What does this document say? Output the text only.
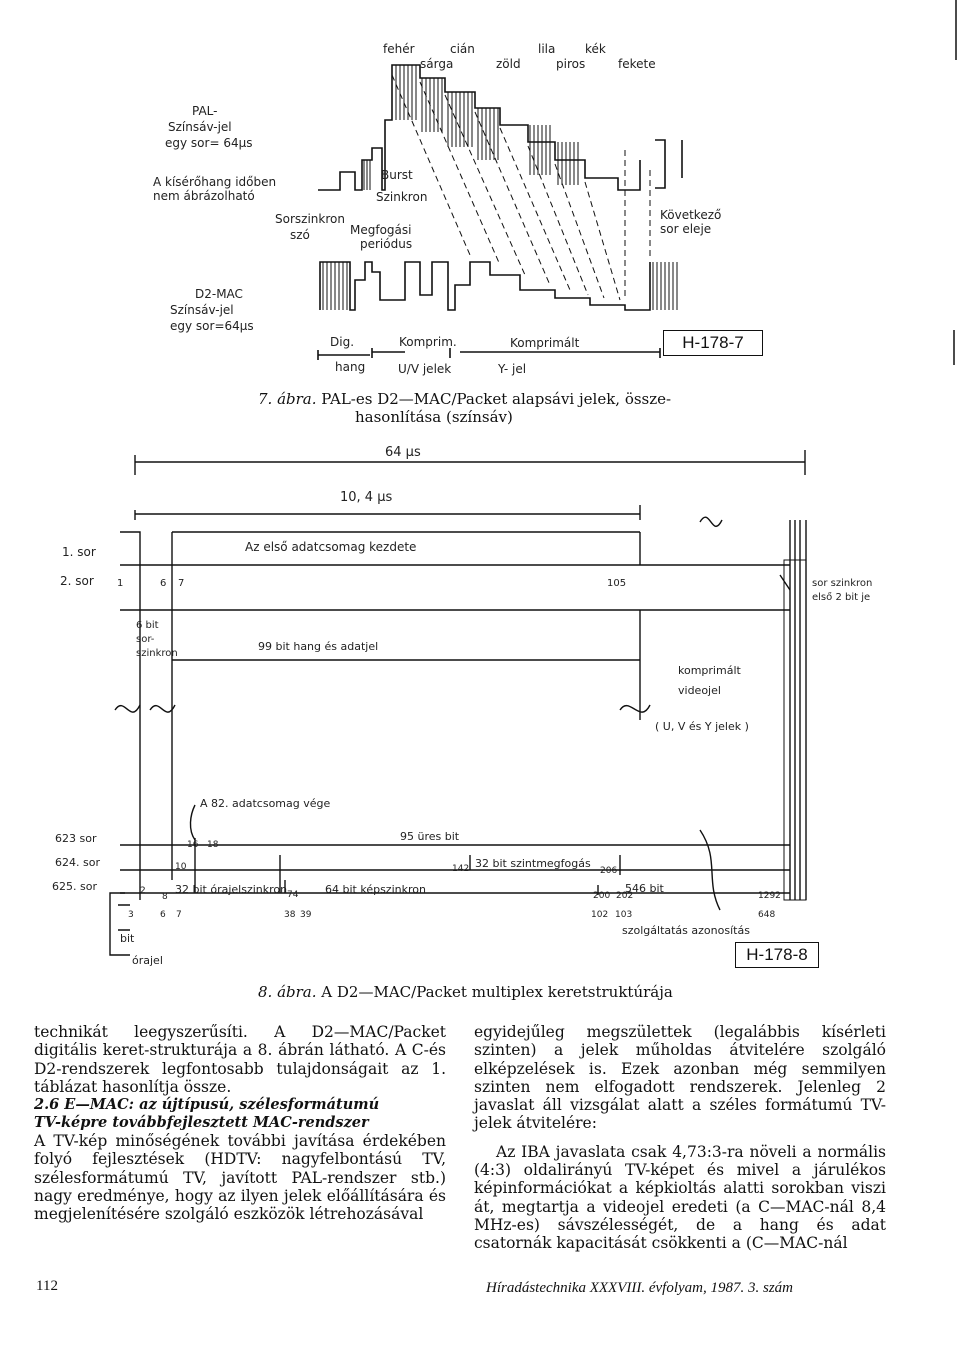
fehér	cián	lila kék
sárga	zöld	piros	fekete
PAL-
Színsáv-jel
egy sor= 64μs
A kísérőhang időben
nem ábrázolható
Burst
Szinkron
Sorszinkron
szó	Megfogási
periódus
Következő
sor eleje
D2-MAC
Színsáv-jel
egy sor=64μs
Dig.
hang
Komprim.
U/V jelek
Komprimált
Y- jel
H-178-7
7. ábra. PAL-es D2—MAC/Packet alapsávi jelek, össze-
hasonlítása (színsáv)
64 μs
10, 4 μs
1. sor
2. sor
Az első adatcsomag kezdete
1	6 7	105	sor szinkron
első 2 bit je
6 bit
sor-
szinkron
99 bit hang és adatjel
komprimált
videojel
( U, V és Y jelek )
A 82. adatcsomag vége
623 sor
624. sor
625. sor
16 18
95 üres bit
10	142 32 bit szintmegfogás
206
2
8
32 bit órajelszinkron 74 64 bit képszinkron	200 202
546 bit
1292
3	6 7	38 39	102 103	648
szolgáltatás azonosítás
bit
órajel	H-178-8
8. ábra. A D2—MAC/Packet multiplex keretstruktúrája

technikát leegyszerűsíti. A D2—MAC/Packet digitális keret-strukturája a 8. ábrán látható. A C-és D2-rendszerek legfontosabb tulajdonságait az 1. táblázat hasonlítja össze.

2.6 E—MAC: az újtípusú, szélesformátumú

TV-képre továbbfejlesztett MAC-rendszer

A TV-kép minőségének további javítása érdekében folyó fejlesztések (HDTV: nagyfelbontású TV, szélesformátumú TV, javított PAL-rendszer stb.) nagy eredménye, hogy az ilyen jelek előállítására és megjelenítésére szolgáló eszközök létrehozásával

egyidejűleg megszülettek (legalábbis kísérleti szinten) a jelek műholdas átvitelére szolgáló elképzelések is. Ezek azonban még semmilyen szinten nem elfogadott rendszerek. Jelenleg 2 javaslat áll vizsgálat alatt a széles formátumú TV-jelek átvitelére:

Az IBA javaslata csak 4,73:3-ra növeli a normális (4:3) oldalirányú TV-képet és mivel a járulékos képinformációkat a képkioltás alatti sorokban viszi át, megtartja a videojel eredeti (a C—MAC-nál 8,4 MHz-es) sávszélességét, de a hang és adat csatornák kapacitását csökkenti a (C—MAC-nál

112	Híradástechnika XXXVIII. évfolyam, 1987. 3. szám
